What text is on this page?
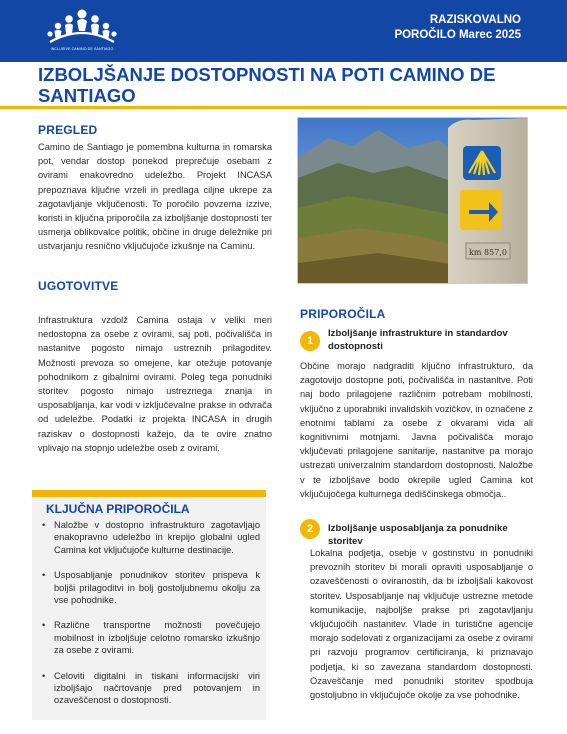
INCLUSIVE CAMINO DE SANTIAGO
RAZISKOVALNO
POROČILO Marec 2025
IZBOLJŠANJE DOSTOPNOSTI NA POTI CAMINO DE SANTIAGO
PREGLED
Camino de Santiago je pomembna kulturna in romarska pot, vendar dostop ponekod preprečuje osebam z ovirami enakovredno udeležbo. Projekt INCASA prepoznava ključne vrzeli in predlaga ciljne ukrepe za zagotavljanje vključenosti. To poročilo povzema izzive, koristi in ključna priporočila za izboljšanje dostopnosti ter usmerja oblikovalce politik, občine in druge deležnike pri ustvarjanju resnično vključujoče izkušnje na Caminu.
UGOTOVITVE
Infrastruktura vzdolž Camina ostaja v veliki meri nedostopna za osebe z ovirami, saj poti, počivališča in nastanitve pogosto nimajo ustreznih prilagoditev. Možnosti prevoza so omejene, kar otežuje potovanje pohodnikom z gibalnimi ovirami. Poleg tega ponudniki storitev pogosto nimajo ustreznega znanja in usposabljanja, kar vodi v izključevalne prakse in odvrača od udeležbe. Podatki iz projekta INCASA in drugih raziskav o dostopnosti kažejo, da te ovire znatno vplivajo na stopnjo udeležbe oseb z ovirami.
km 857,0
PRIPOROČILA
1
Izboljšanje infrastrukture in standardov dostopnosti
Občine morajo nadgraditi ključno infrastrukturo, da zagotovijo dostopne poti, počivališča in nastanitve. Poti naj bodo prilagojene različnim potrebam mobilnosti, vključno z uporabniki invalidskih vozičkov, in označene z enotnimi tablami za osebe z okvarami vida ali kognitivnimi motnjami. Javna počivališča morajo vključevati prilagojene sanitarije, nastanitve pa morajo ustrezati univerzalnim standardom dostopnosti. Naložbe v te izboljšave bodo okrepile ugled Camina kot vključujočega kulturnega dediščinskega območja..
2	Izboljšanje usposabljanja za ponudnike storitev
Lokalna podjetja, osebje v gostinstvu in ponudniki prevoznih storitev bi morali opraviti usposabljanje o ozaveščenosti o oviranostih, da bi izboljšali kakovost storitev. Usposabljanje naj vključuje ustrezne metode komunikacije, najboljše prakse pri zagotavljanju vključujočih nastanitev. Vlade in turistične agencije morajo sodelovati z organizacijami za osebe z ovirami pri razvoju programov certificiranja, ki priznavajo podjetja, ki so zavezana standardom dostopnosti. Ozaveščanje med ponudniki storitev spodbuja gostoljubno in vključujoče okolje za vse pohodnike.
KLJUČNA PRIPOROČILA
• Naložbe v dostopno infrastrukturo zagotavljajo enakopravno udeležbo in krepijo globalni ugled Camina kot vključujoče kulturne destinacije.
• Usposabljanje ponudnikov storitev prispeva k boljši prilagoditvi in bolj gostoljubnemu okolju za vse pohodnike.
• Različne transportne možnosti povečujejo mobilnost in izboljšuje celotno romarsko izkušnjo za osebe z ovirami.
• Celoviti digitalni in tiskani informacijski viri izboljšajo načrtovanje pred potovanjem in ozaveščenost o dostopnosti.
